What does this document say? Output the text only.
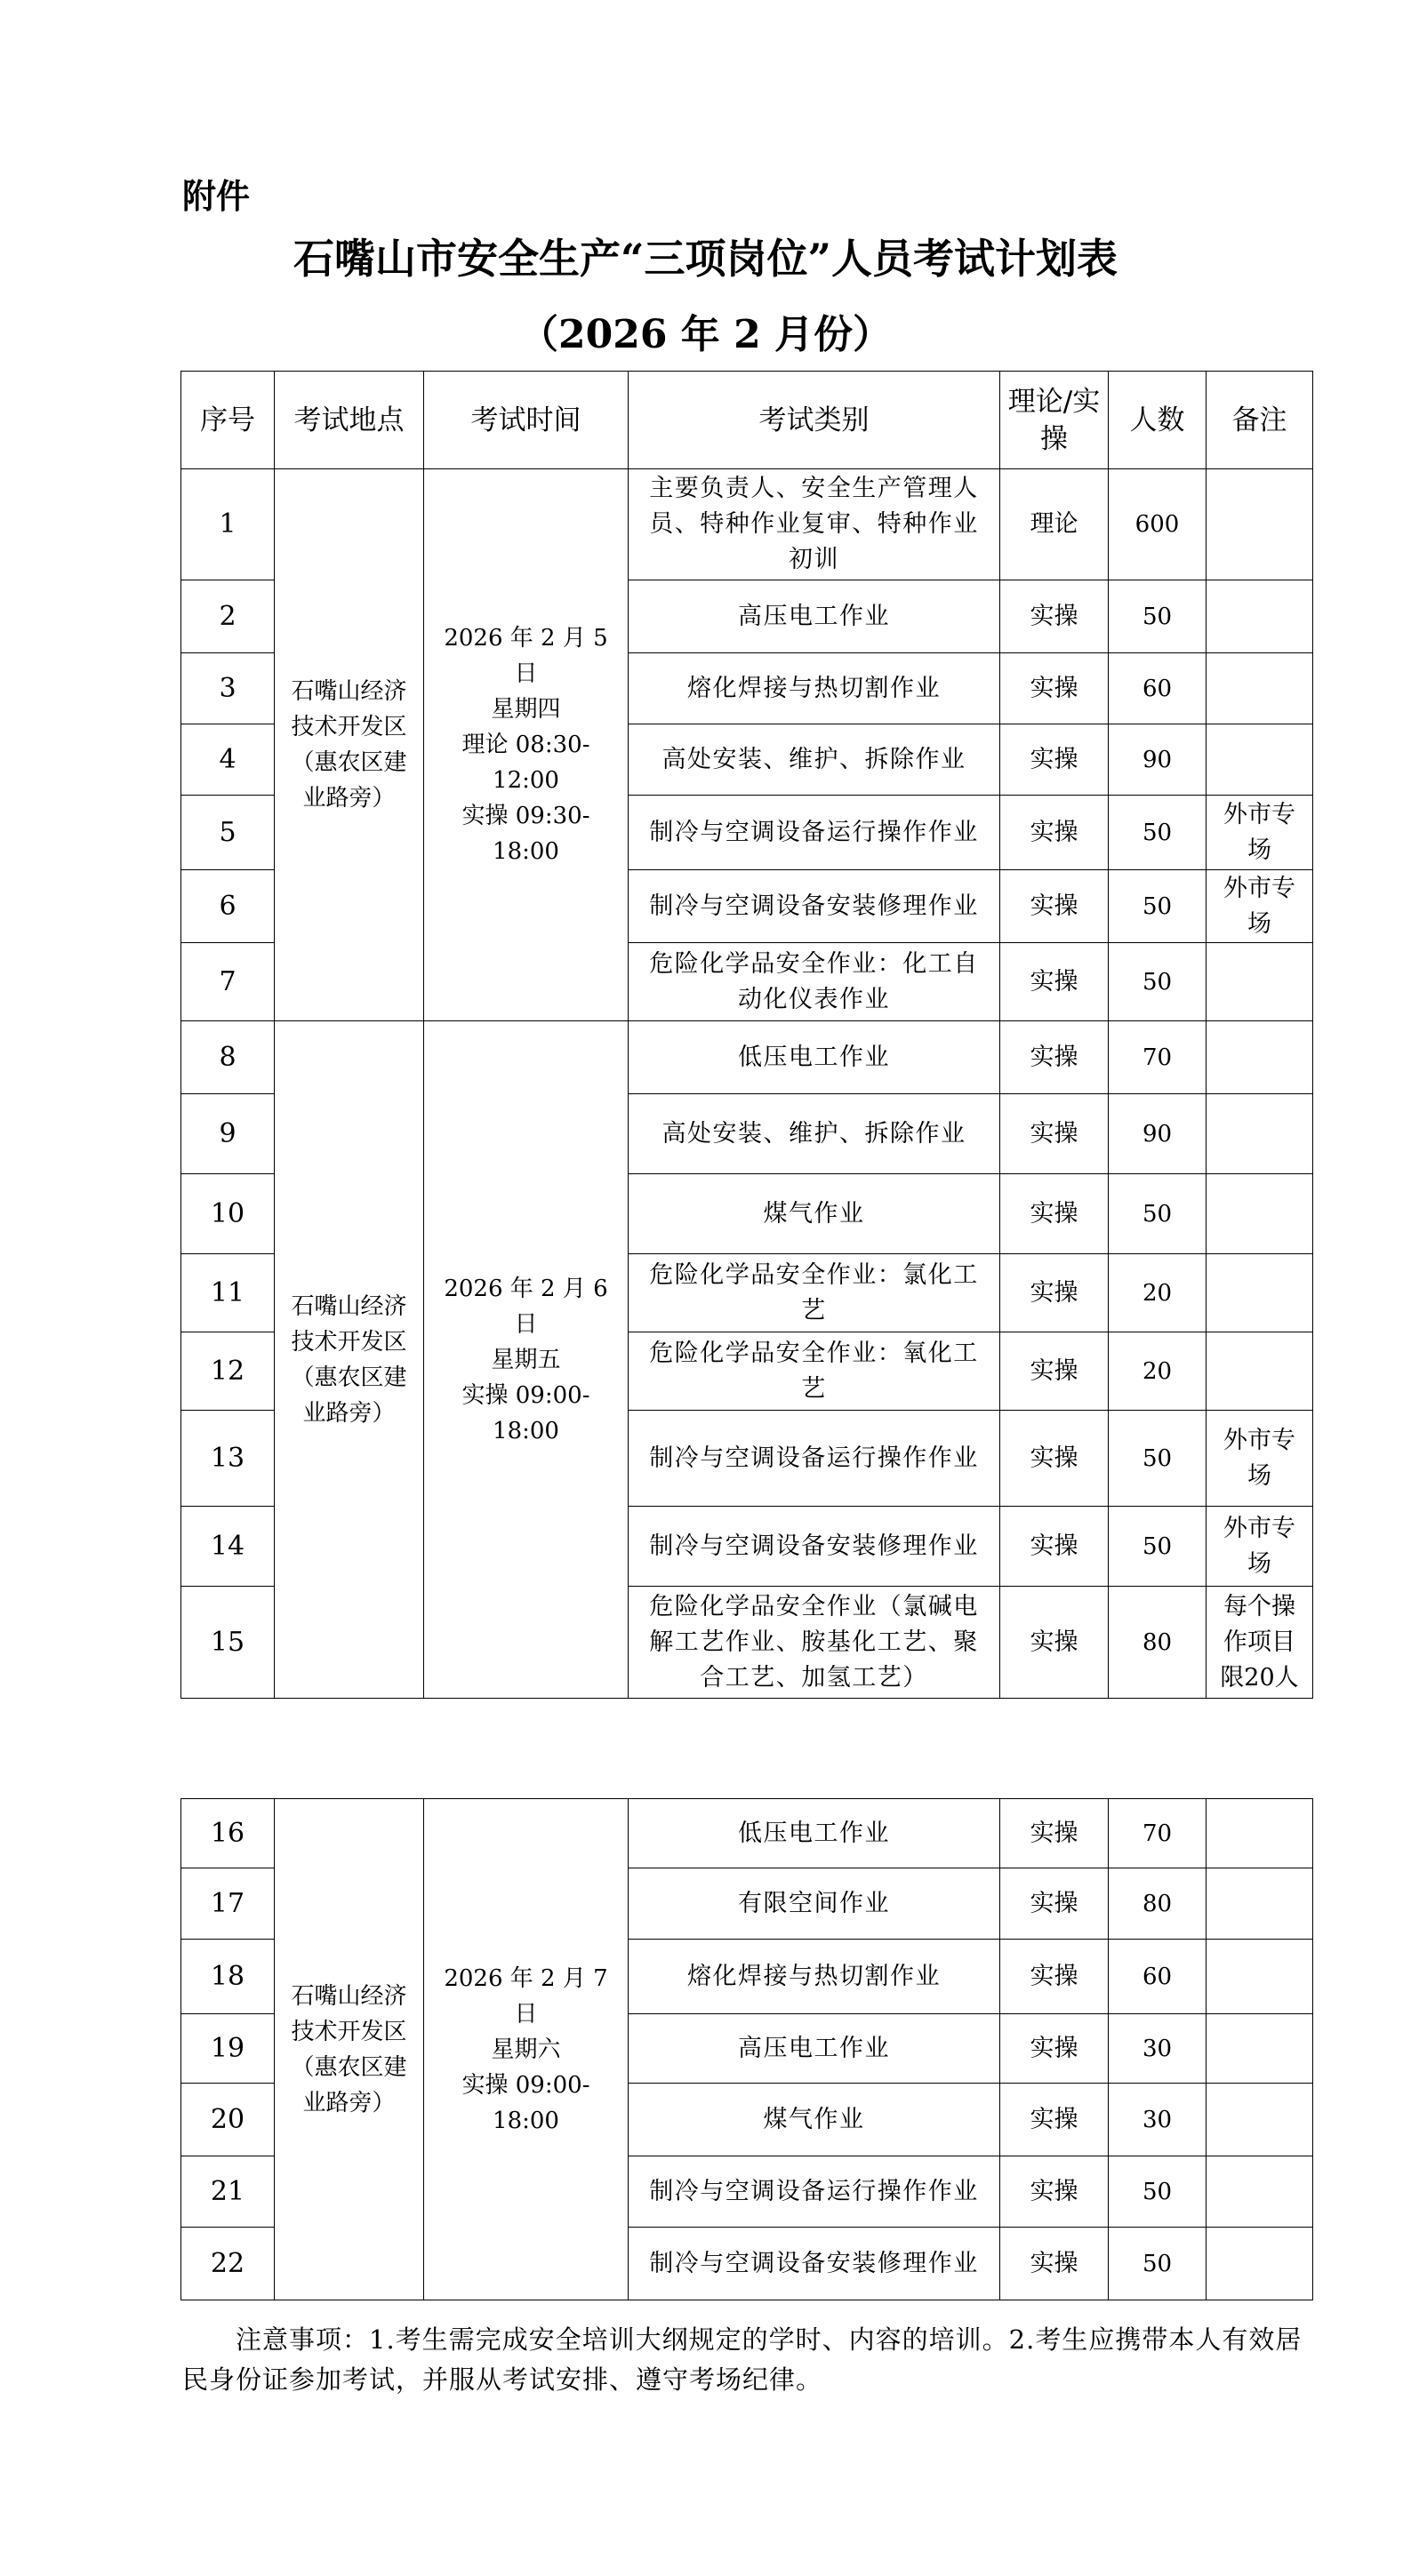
附件
石嘴山市安全生产“三项岗位”人员考试计划表
（2026 年 2 月份）
序号	考试地点	考试时间	考试类别	理论/实操	人数	备注
1	石嘴山经济技术开发区（惠农区建业路旁）	2026 年 2 月 5 日
星期四
理论 08:30-12:00
实操 09:30-18:00	主要负责人、安全生产管理人员、特种作业复审、特种作业初训	理论	600	
2			高压电工作业	实操	50	
3			熔化焊接与热切割作业	实操	60	
4			高处安装、维护、拆除作业	实操	90	
5			制冷与空调设备运行操作作业	实操	50	外市专场
6			制冷与空调设备安装修理作业	实操	50	外市专场
7			危险化学品安全作业：化工自动化仪表作业	实操	50	
8	石嘴山经济技术开发区（惠农区建业路旁）	2026 年 2 月 6 日
星期五
实操 09:00-18:00	低压电工作业	实操	70	
9			高处安装、维护、拆除作业	实操	90	
10			煤气作业	实操	50	
11			危险化学品安全作业：氯化工艺	实操	20	
12			危险化学品安全作业：氧化工艺	实操	20	
13			制冷与空调设备运行操作作业	实操	50	外市专场
14			制冷与空调设备安装修理作业	实操	50	外市专场
15			危险化学品安全作业（氯碱电解工艺作业、胺基化工艺、聚合工艺、加氢工艺）	实操	80	每个操作项目限20人
16	石嘴山经济技术开发区（惠农区建业路旁）	2026 年 2 月 7 日
星期六
实操 09:00-18:00	低压电工作业	实操	70	
17			有限空间作业	实操	80	
18			熔化焊接与热切割作业	实操	60	
19			高压电工作业	实操	30	
20			煤气作业	实操	30	
21			制冷与空调设备运行操作作业	实操	50	
22			制冷与空调设备安装修理作业	实操	50	
注意事项：1.考生需完成安全培训大纲规定的学时、内容的培训。2.考生应携带本人有效居民身份证参加考试，并服从考试安排、遵守考场纪律。
